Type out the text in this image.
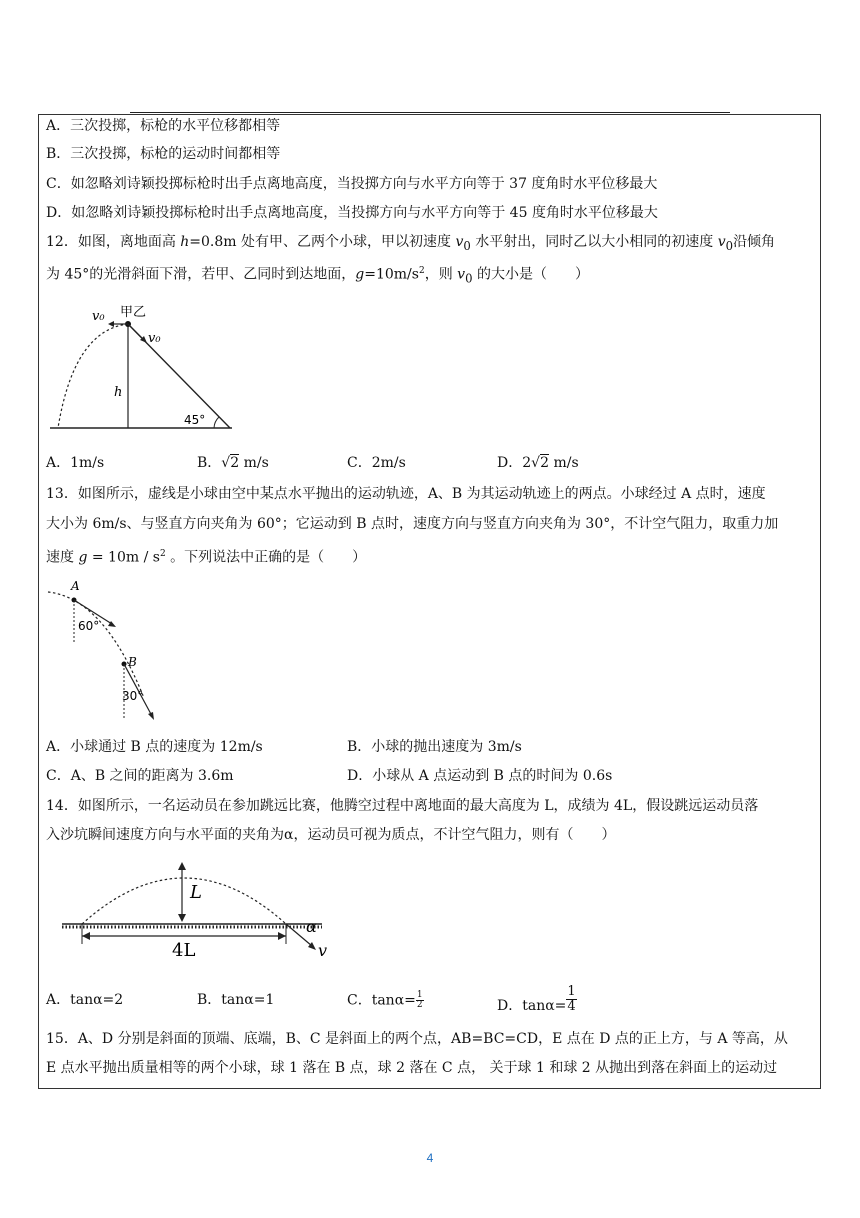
A．三次投掷，标枪的水平位移都相等
B．三次投掷，标枪的运动时间都相等
C．如忽略刘诗颖投掷标枪时出手点离地高度，当投掷方向与水平方向等于 37 度角时水平位移最大
D．如忽略刘诗颖投掷标枪时出手点离地高度，当投掷方向与水平方向等于 45 度角时水平位移最大
12．如图，离地面高 h=0.8m 处有甲、乙两个小球，甲以初速度 $v_0$ 水平射出，同时乙以大小相同的初速度 $v_0$沿倾角
为 45°的光滑斜面下滑，若甲、乙同时到达地面，$g=10m/s^2$，则 $v_0$ 的大小是（　　）
v₀ 甲乙
v₀
h
45°
A．1m/s	B．√2 m/s	C．2m/s	D．2√2 m/s
13．如图所示，虚线是小球由空中某点水平抛出的运动轨迹，A、B 为其运动轨迹上的两点。小球经过 A 点时，速度
大小为 6m/s、与竖直方向夹角为 60°；它运动到 B 点时，速度方向与竖直方向夹角为 30°，不计空气阻力，取重力加
速度 $g = 10m / s^2$ 。下列说法中正确的是（　　）
A
60°
B
30°
A．小球通过 B 点的速度为 12m/s	B．小球的抛出速度为 3m/s
C．A、B 之间的距离为 3.6m	D．小球从 A 点运动到 B 点的时间为 0.6s
14．如图所示，一名运动员在参加跳远比赛，他腾空过程中离地面的最大高度为 L，成绩为 4L，假设跳远运动员落
入沙坑瞬间速度方向与水平面的夹角为α，运动员可视为质点，不计空气阻力，则有（　　）
L
4L
α
v
A．tanα=2	B．tanα=1	C．$\tan\alpha= \frac{1}{2}$	D．$\tan\alpha= \frac{1}{4}$
15．A、D 分别是斜面的顶端、底端，B、C 是斜面上的两个点，AB=BC=CD，E 点在 D 点的正上方，与 A 等高，从
E 点水平抛出质量相等的两个小球，球 1 落在 B 点，球 2 落在 C 点， 关于球 1 和球 2 从抛出到落在斜面上的运动过
4
